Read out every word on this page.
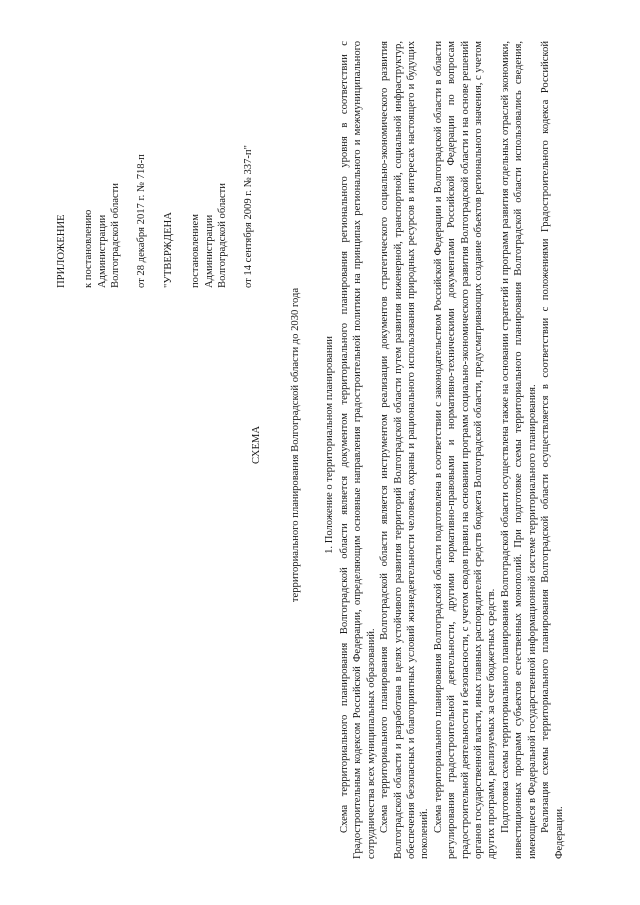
ПРИЛОЖЕНИЕ к постановлению Администрации Волгоградской области от 28 декабря 2017 г. № 718-п "УТВЕРЖДЕНА постановлением Администрации Волгоградской области от 14 сентября 2009 г. № 337-п"
СХЕМА	территориального планирования Волгоградской области до 2030 года 1. Положение о территориальном планировании Схема территориального планирования Волгоградской области является документом территориального планирования регионального уровня в соответствии с Градостроительным кодексом Российской Федерации, определяющим основные направления градостроительной политики на принципах регионального и межмуниципального сотрудничества всех муниципальных образований. Схема территориального планирования Волгоградской области является инструментом реализации документов стратегического социально-экономического развития Волгоградской области и разработана в целях устойчивого развития территорий Волгоградской области путем развития инженерной, транспортной, социальной инфраструктур, обеспечения безопасных и благоприятных условий жизнедеятельности человека, охраны и рационального использования природных ресурсов в интересах настоящего и будущих поколений.

Схема территориального планирования Волгоградской области подготовлена в соответствии с законодательством Российской Федерации и Волгоградской области в области регулирования градостроительной деятельности, другими нормативно-правовыми и нормативно-техническими документами Российской Федерации по вопросам градостроительной деятельности и безопасности, с учетом сводов правил на основании программ социально-экономического развития Волгоградской области и на основе решений органов государственной власти, иных главных распорядителей средств бюджета Волгоградской области, предусматривающих создание объектов регионального значения, с учетом других программ, реализуемых за счет бюджетных средств. Подготовка схемы территориального планирования Волгоградской области осуществлена также на основании стратегий и программ развития отдельных отраслей экономики, инвестиционных программ субъектов естественных монополий. При подготовке схемы территориального планирования Волгоградской области использовались сведения, имеющиеся в Федеральной государственной информационной системе территориального планирования. Реализация схемы территориального планирования Волгоградской области осуществляется в соответствии с положениями Градостроительного кодекса Российской Федерации.
